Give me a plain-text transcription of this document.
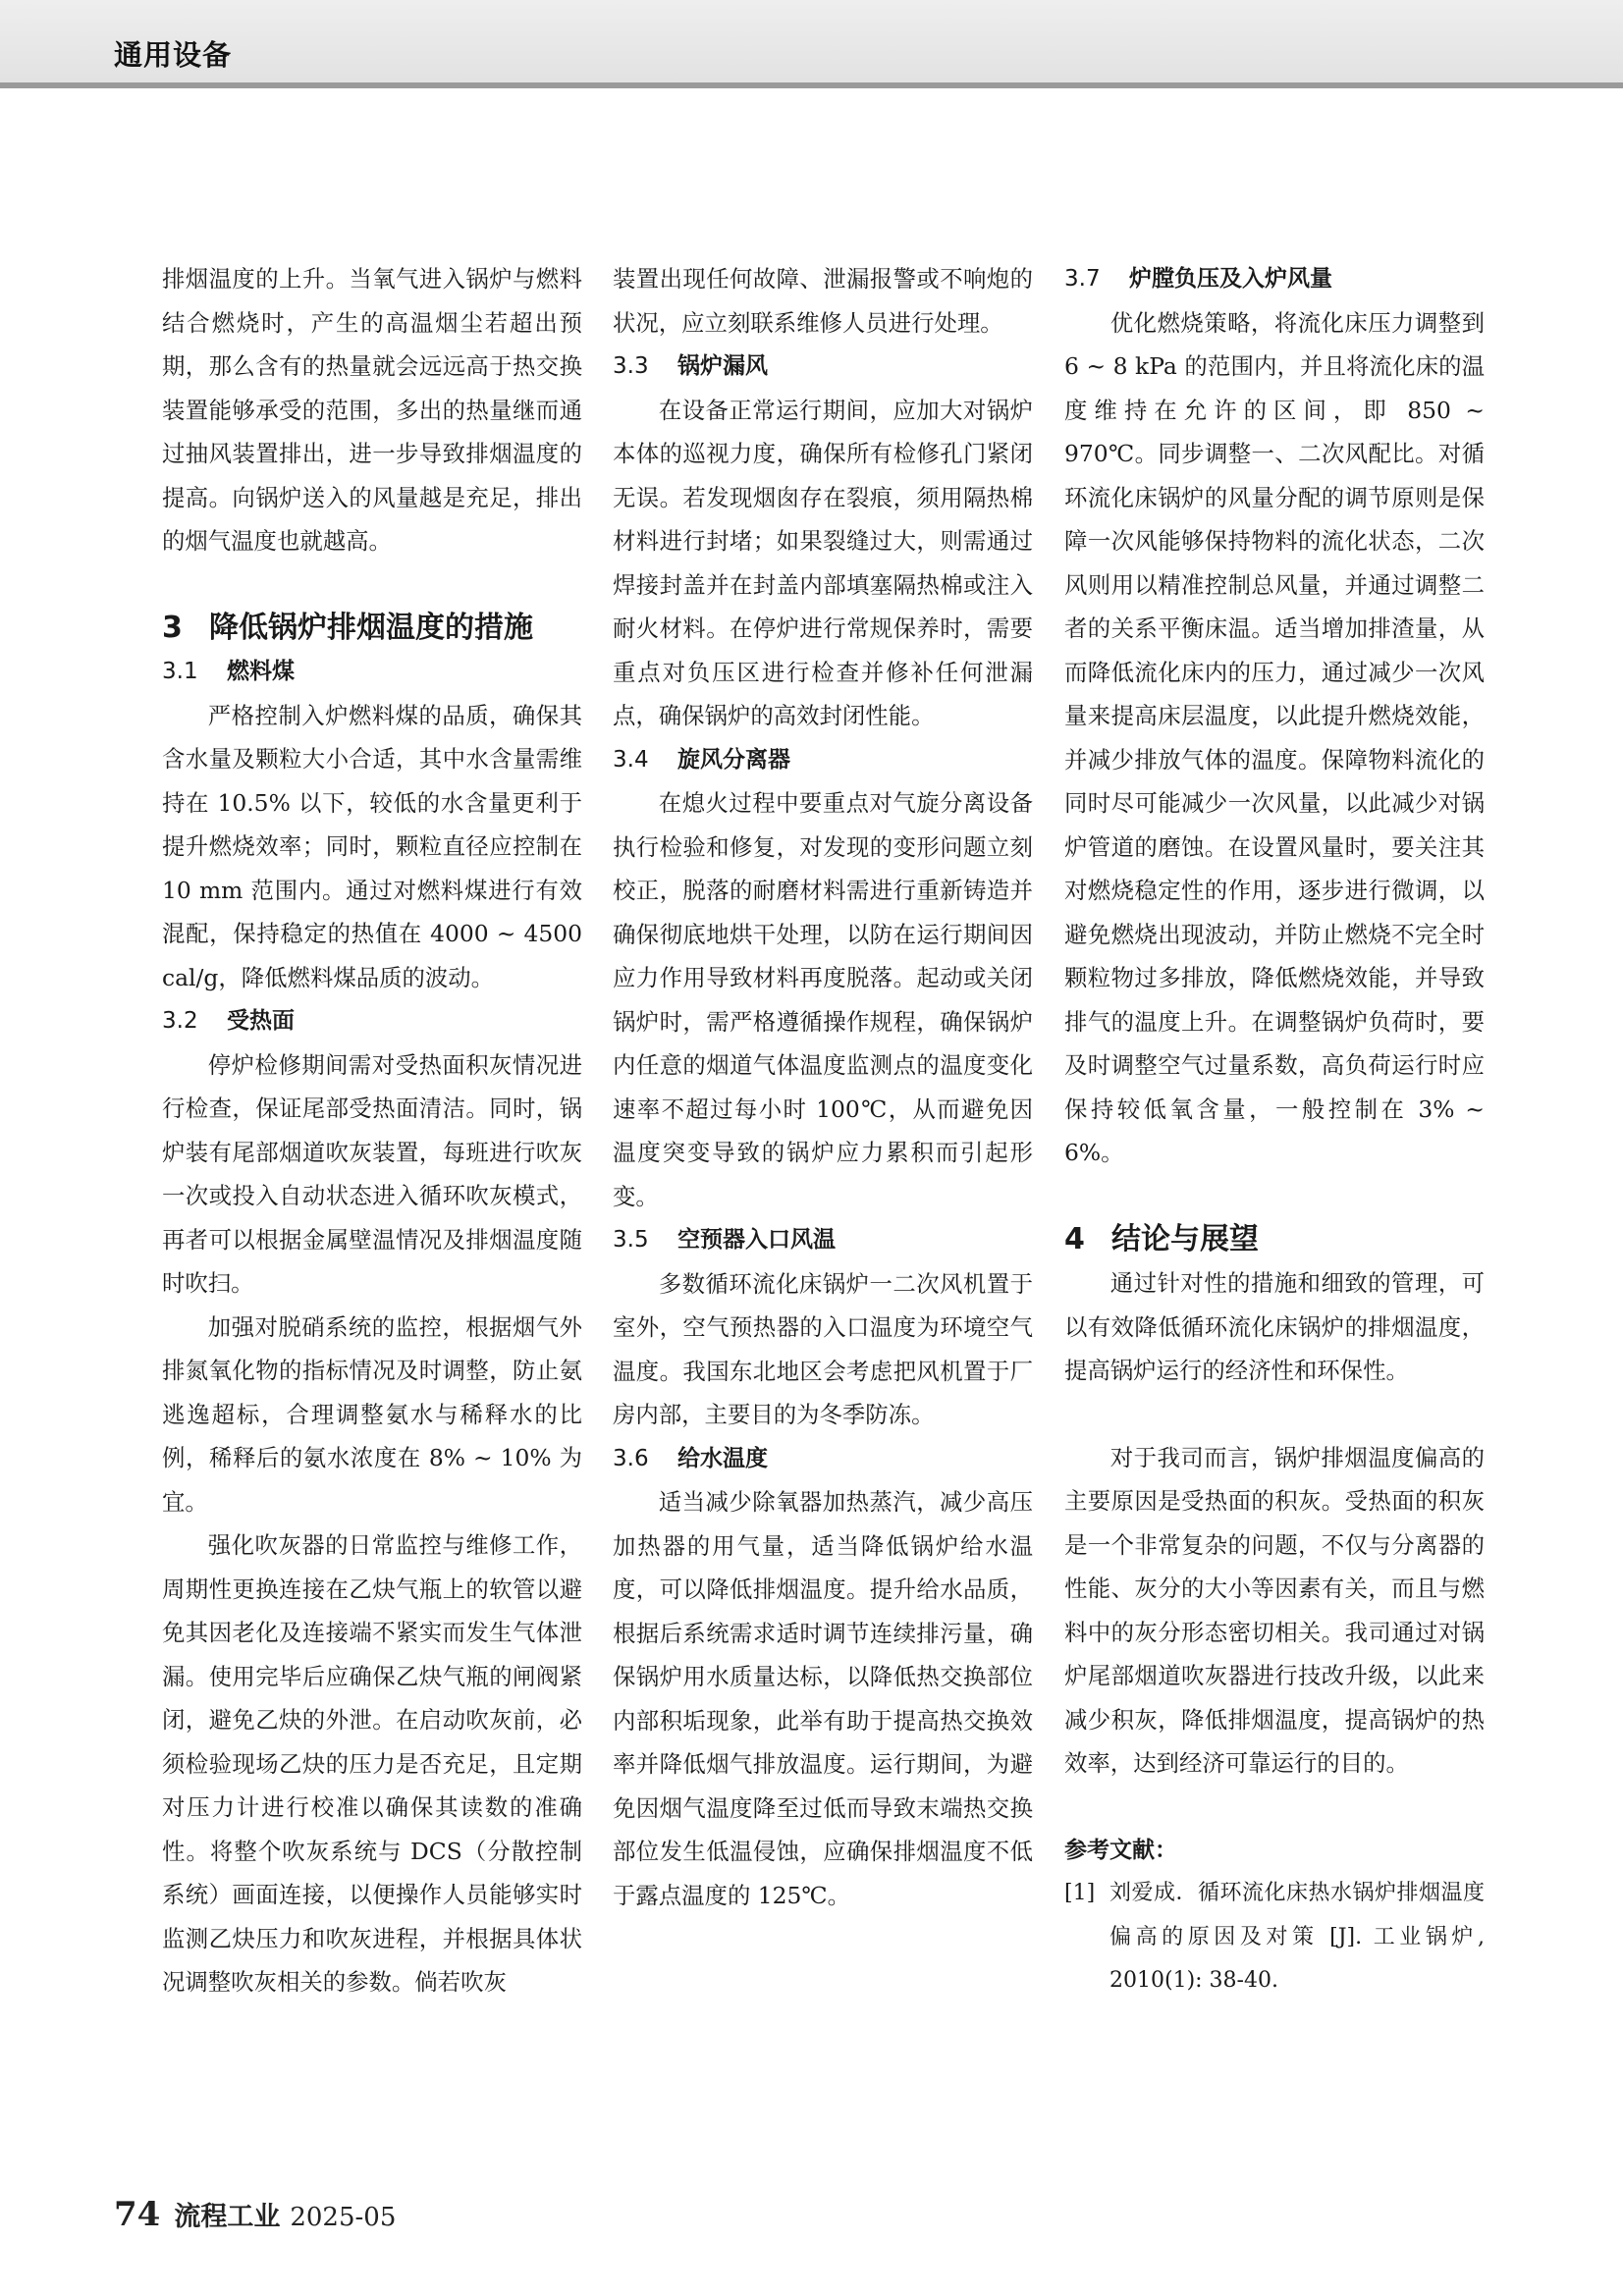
通用设备

排烟温度的上升。当氧气进入锅炉与燃料结合燃烧时，产生的高温烟尘若超出预期，那么含有的热量就会远远高于热交换装置能够承受的范围，多出的热量继而通过抽风装置排出，进一步导致排烟温度的提高。向锅炉送入的风量越是充足，排出的烟气温度也就越高。

3 降低锅炉排烟温度的措施
3.1 燃料煤

严格控制入炉燃料煤的品质，确保其含水量及颗粒大小合适，其中水含量需维持在 10.5% 以下，较低的水含量更利于提升燃烧效率；同时，颗粒直径应控制在 10 mm 范围内。通过对燃料煤进行有效混配，保持稳定的热值在 4000 ~ 4500 cal/g，降低燃料煤品质的波动。

3.2 受热面

停炉检修期间需对受热面积灰情况进行检查，保证尾部受热面清洁。同时，锅炉装有尾部烟道吹灰装置，每班进行吹灰一次或投入自动状态进入循环吹灰模式，再者可以根据金属壁温情况及排烟温度随时吹扫。

加强对脱硝系统的监控，根据烟气外排氮氧化物的指标情况及时调整，防止氨逃逸超标，合理调整氨水与稀释水的比例，稀释后的氨水浓度在 8% ~ 10% 为宜。

强化吹灰器的日常监控与维修工作，周期性更换连接在乙炔气瓶上的软管以避免其因老化及连接端不紧实而发生气体泄漏。使用完毕后应确保乙炔气瓶的闸阀紧闭，避免乙炔的外泄。在启动吹灰前，必须检验现场乙炔的压力是否充足，且定期对压力计进行校准以确保其读数的准确性。将整个吹灰系统与 DCS（分散控制系统）画面连接，以便操作人员能够实时监测乙炔压力和吹灰进程，并根据具体状况调整吹灰相关的参数。倘若吹灰

装置出现任何故障、泄漏报警或不响炮的状况，应立刻联系维修人员进行处理。

3.3 锅炉漏风

在设备正常运行期间，应加大对锅炉本体的巡视力度，确保所有检修孔门紧闭无误。若发现烟囱存在裂痕，须用隔热棉材料进行封堵；如果裂缝过大，则需通过焊接封盖并在封盖内部填塞隔热棉或注入耐火材料。在停炉进行常规保养时，需要重点对负压区进行检查并修补任何泄漏点，确保锅炉的高效封闭性能。

3.4 旋风分离器

在熄火过程中要重点对气旋分离设备执行检验和修复，对发现的变形问题立刻校正，脱落的耐磨材料需进行重新铸造并确保彻底地烘干处理，以防在运行期间因应力作用导致材料再度脱落。起动或关闭锅炉时，需严格遵循操作规程，确保锅炉内任意的烟道气体温度监测点的温度变化速率不超过每小时 100℃，从而避免因温度突变导致的锅炉应力累积而引起形变。

3.5 空预器入口风温

多数循环流化床锅炉一二次风机置于室外，空气预热器的入口温度为环境空气温度。我国东北地区会考虑把风机置于厂房内部，主要目的为冬季防冻。

3.6 给水温度

适当减少除氧器加热蒸汽，减少高压加热器的用气量，适当降低锅炉给水温度，可以降低排烟温度。提升给水品质，根据后系统需求适时调节连续排污量，确保锅炉用水质量达标，以降低热交换部位内部积垢现象，此举有助于提高热交换效率并降低烟气排放温度。运行期间，为避免因烟气温度降至过低而导致末端热交换部位发生低温侵蚀，应确保排烟温度不低于露点温度的 125℃。

3.7 炉膛负压及入炉风量

优化燃烧策略，将流化床压力调整到 6 ~ 8 kPa 的范围内，并且将流化床的温度维持在允许的区间，即 850 ~ 970℃。同步调整一、二次风配比。对循环流化床锅炉的风量分配的调节原则是保障一次风能够保持物料的流化状态，二次风则用以精准控制总风量，并通过调整二者的关系平衡床温。适当增加排渣量，从而降低流化床内的压力，通过减少一次风量来提高床层温度，以此提升燃烧效能，并减少排放气体的温度。保障物料流化的同时尽可能减少一次风量，以此减少对锅炉管道的磨蚀。在设置风量时，要关注其对燃烧稳定性的作用，逐步进行微调，以避免燃烧出现波动，并防止燃烧不完全时颗粒物过多排放，降低燃烧效能，并导致排气的温度上升。在调整锅炉负荷时，要及时调整空气过量系数，高负荷运行时应保持较低氧含量，一般控制在 3% ~ 6%。

4 结论与展望

通过针对性的措施和细致的管理，可以有效降低循环流化床锅炉的排烟温度，提高锅炉运行的经济性和环保性。

对于我司而言，锅炉排烟温度偏高的主要原因是受热面的积灰。受热面的积灰是一个非常复杂的问题，不仅与分离器的性能、灰分的大小等因素有关，而且与燃料中的灰分形态密切相关。我司通过对锅炉尾部烟道吹灰器进行技改升级，以此来减少积灰，降低排烟温度，提高锅炉的热效率，达到经济可靠运行的目的。

参考文献：
[1] 刘爱成．循环流化床热水锅炉排烟温度偏高的原因及对策 [J]. 工业锅炉, 2010(1): 38-40.
74 流程工业 2025-05
